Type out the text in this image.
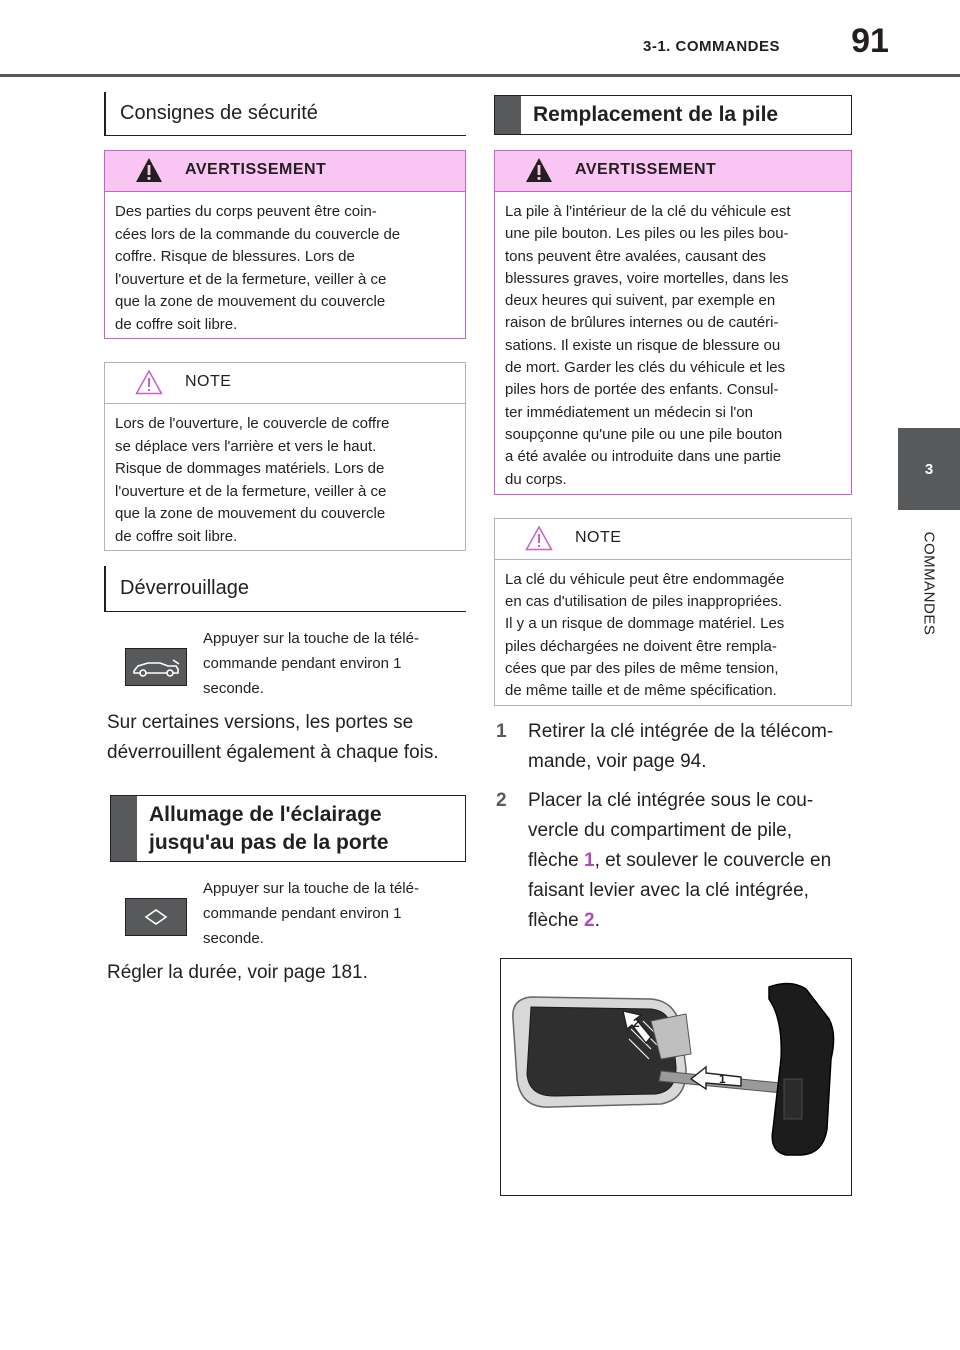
3-1. COMMANDES	91
3
COMMANDES
Consignes de sécurité
AVERTISSEMENT
Des parties du corps peuvent être coin-
cées lors de la commande du couvercle de
coffre. Risque de blessures. Lors de
l'ouverture et de la fermeture, veiller à ce
que la zone de mouvement du couvercle
de coffre soit libre.
NOTE
Lors de l'ouverture, le couvercle de coffre
se déplace vers l'arrière et vers le haut.
Risque de dommages matériels. Lors de
l'ouverture et de la fermeture, veiller à ce
que la zone de mouvement du couvercle
de coffre soit libre.
Déverrouillage
Appuyer sur la touche de la télé-
commande pendant environ 1
seconde.
Sur certaines versions, les portes se
déverrouillent également à chaque fois.
Allumage de l'éclairage
jusqu'au pas de la porte
Appuyer sur la touche de la télé-
commande pendant environ 1
seconde.
Régler la durée, voir page 181.
Remplacement de la pile
AVERTISSEMENT
La pile à l'intérieur de la clé du véhicule est
une pile bouton. Les piles ou les piles bou-
tons peuvent être avalées, causant des
blessures graves, voire mortelles, dans les
deux heures qui suivent, par exemple en
raison de brûlures internes ou de cautéri-
sations. Il existe un risque de blessure ou
de mort. Garder les clés du véhicule et les
piles hors de portée des enfants. Consul-
ter immédiatement un médecin si l'on
soupçonne qu'une pile ou une pile bouton
a été avalée ou introduite dans une partie
du corps.
NOTE
La clé du véhicule peut être endommagée
en cas d'utilisation de piles inappropriées.
Il y a un risque de dommage matériel. Les
piles déchargées ne doivent être rempla-
cées que par des piles de même tension,
de même taille et de même spécification.
1 Retirer la clé intégrée de la télécom-
mande, voir page 94.
2 Placer la clé intégrée sous le cou-
vercle du compartiment de pile,
flèche 1, et soulever le couvercle en
faisant levier avec la clé intégrée,
flèche 2.
1
2
